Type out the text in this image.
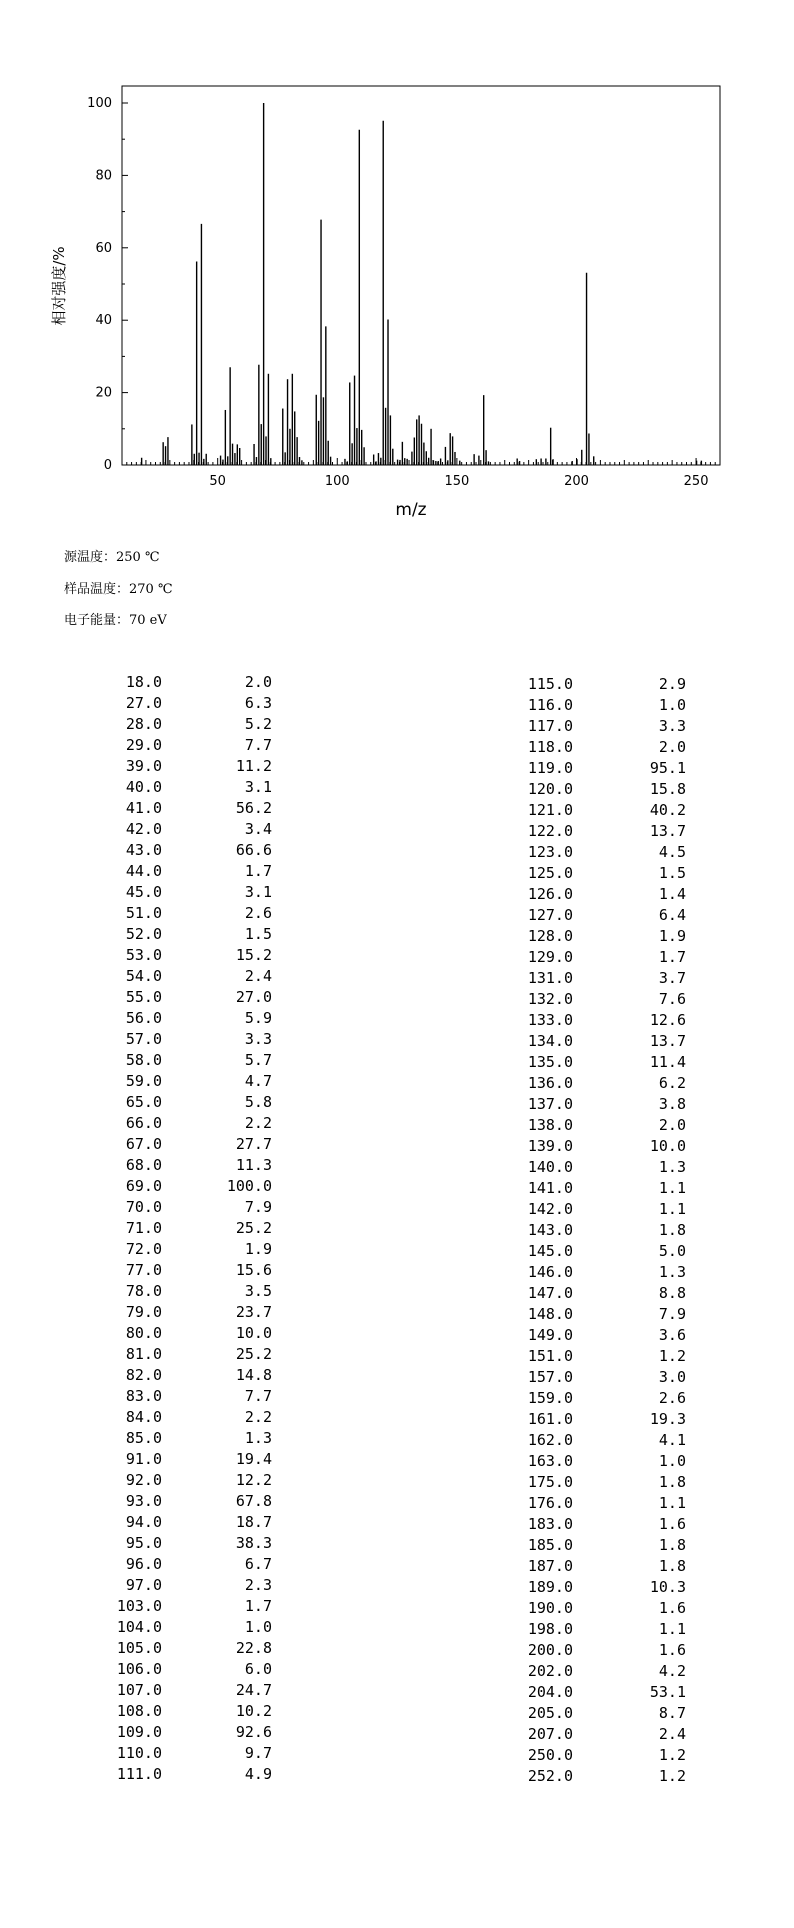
50	100	150	200	250
0
20
40
60
80
100
m/z
相对强度/%
源温度：250 ℃
样品温度：270 ℃
电子能量：70 eV
18.0	2.0
27.0	6.3
28.0	5.2
29.0	7.7
39.0	11.2
40.0	3.1
41.0	56.2
42.0	3.4
43.0	66.6
44.0	1.7
45.0	3.1
51.0	2.6
52.0	1.5
53.0	15.2
54.0	2.4
55.0	27.0
56.0	5.9
57.0	3.3
58.0	5.7
59.0	4.7
65.0	5.8
66.0	2.2
67.0	27.7
68.0	11.3
69.0	100.0
70.0	7.9
71.0	25.2
72.0	1.9
77.0	15.6
78.0	3.5
79.0	23.7
80.0	10.0
81.0	25.2
82.0	14.8
83.0	7.7
84.0	2.2
85.0	1.3
91.0	19.4
92.0	12.2
93.0	67.8
94.0	18.7
95.0	38.3
96.0	6.7
97.0	2.3
103.0	1.7
104.0	1.0
105.0	22.8
106.0	6.0
107.0	24.7
108.0	10.2
109.0	92.6
110.0	9.7
111.0	4.9
115.0	2.9
116.0	1.0
117.0	3.3
118.0	2.0
119.0	95.1
120.0	15.8
121.0	40.2
122.0	13.7
123.0	4.5
125.0	1.5
126.0	1.4
127.0	6.4
128.0	1.9
129.0	1.7
131.0	3.7
132.0	7.6
133.0	12.6
134.0	13.7
135.0	11.4
136.0	6.2
137.0	3.8
138.0	2.0
139.0	10.0
140.0	1.3
141.0	1.1
142.0	1.1
143.0	1.8
145.0	5.0
146.0	1.3
147.0	8.8
148.0	7.9
149.0	3.6
151.0	1.2
157.0	3.0
159.0	2.6
161.0	19.3
162.0	4.1
163.0	1.0
175.0	1.8
176.0	1.1
183.0	1.6
185.0	1.8
187.0	1.8
189.0	10.3
190.0	1.6
198.0	1.1
200.0	1.6
202.0	4.2
204.0	53.1
205.0	8.7
207.0	2.4
250.0	1.2
252.0	1.2
